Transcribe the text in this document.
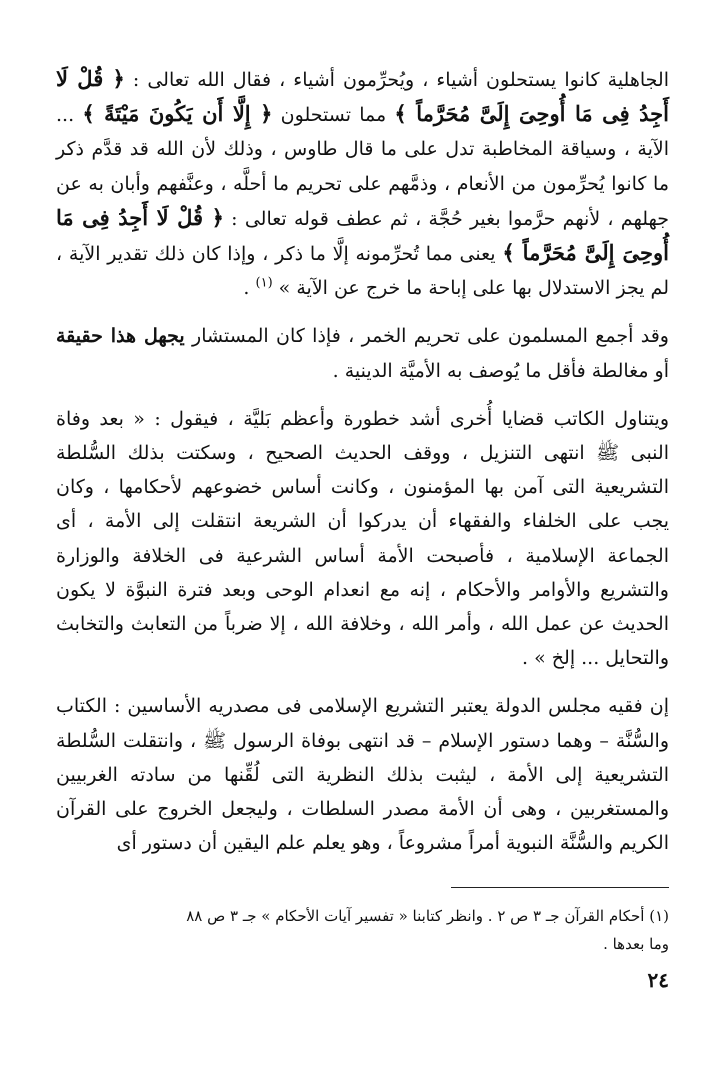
الجاهلية كانوا يستحلون أشياء ، ويُحرِّمون أشياء ، فقال الله تعالى : ﴿ قُلْ لَا أَجِدُ فِى مَا أُوحِىَ إِلَىَّ مُحَرَّماً ﴾ مما تستحلون ﴿ إِلَّا أَن يَكُونَ مَيْتَةً ﴾ ... الآية ، وسياقة المخاطبة تدل على ما قال طاوس ، وذلك لأن الله قد قدَّم ذكر ما كانوا يُحرِّمون من الأنعام ، وذمَّهم على تحريم ما أحلَّه ، وعنَّفهم وأبان به عن جهلهم ، لأنهم حرَّموا بغير حُجَّة ، ثم عطف قوله تعالى : ﴿ قُلْ لَا أَجِدُ فِى مَا أُوحِىَ إِلَىَّ مُحَرَّماً ﴾ يعنى مما تُحرِّمونه إلَّا ما ذكر ، وإذا كان ذلك تقدير الآية ، لم يجز الاستدلال بها على إباحة ما خرج عن الآية » $^{(١)}$ .

وقد أجمع المسلمون على تحريم الخمر ، فإذا كان المستشار يجهل هذا حقيقة أو مغالطة فأقل ما يُوصف به الأميَّة الدينية .

ويتناول الكاتب قضايا أُخرى أشد خطورة وأعظم بَليَّة ، فيقول : « بعد وفاة النبى ﷺ انتهى التنزيل ، ووقف الحديث الصحيح ، وسكتت بذلك السُّلطة التشريعية التى آمن بها المؤمنون ، وكانت أساس خضوعهم لأحكامها ، وكان يجب على الخلفاء والفقهاء أن يدركوا أن الشريعة انتقلت إلى الأمة ، أى الجماعة الإسلامية ، فأصبحت الأمة أساس الشرعية فى الخلافة والوزارة والتشريع والأوامر والأحكام ، إنه مع انعدام الوحى وبعد فترة النبوَّة لا يكون الحديث عن عمل الله ، وأمر الله ، وخلافة الله ، إلا ضرباً من التعابث والتخابث والتحايل ... إلخ » .

إن فقيه مجلس الدولة يعتبر التشريع الإسلامى فى مصدريه الأساسين : الكتاب والسُّنَّة – وهما دستور الإسلام – قد انتهى بوفاة الرسول ﷺ ، وانتقلت السُّلطة التشريعية إلى الأمة ، ليثبت بذلك النظرية التى لُقِّنها من سادته الغربيين والمستغربين ، وهى أن الأمة مصدر السلطات ، وليجعل الخروج على القرآن الكريم والسُّنَّة النبوية أمراً مشروعاً ، وهو يعلم علم اليقين أن دستور أى

(١) أحكام القرآن جـ ٣ ص ٢ . وانظر كتابنا « تفسير آيات الأحكام » جـ ٣ ص ٨٨

وما بعدها .

٢٤
